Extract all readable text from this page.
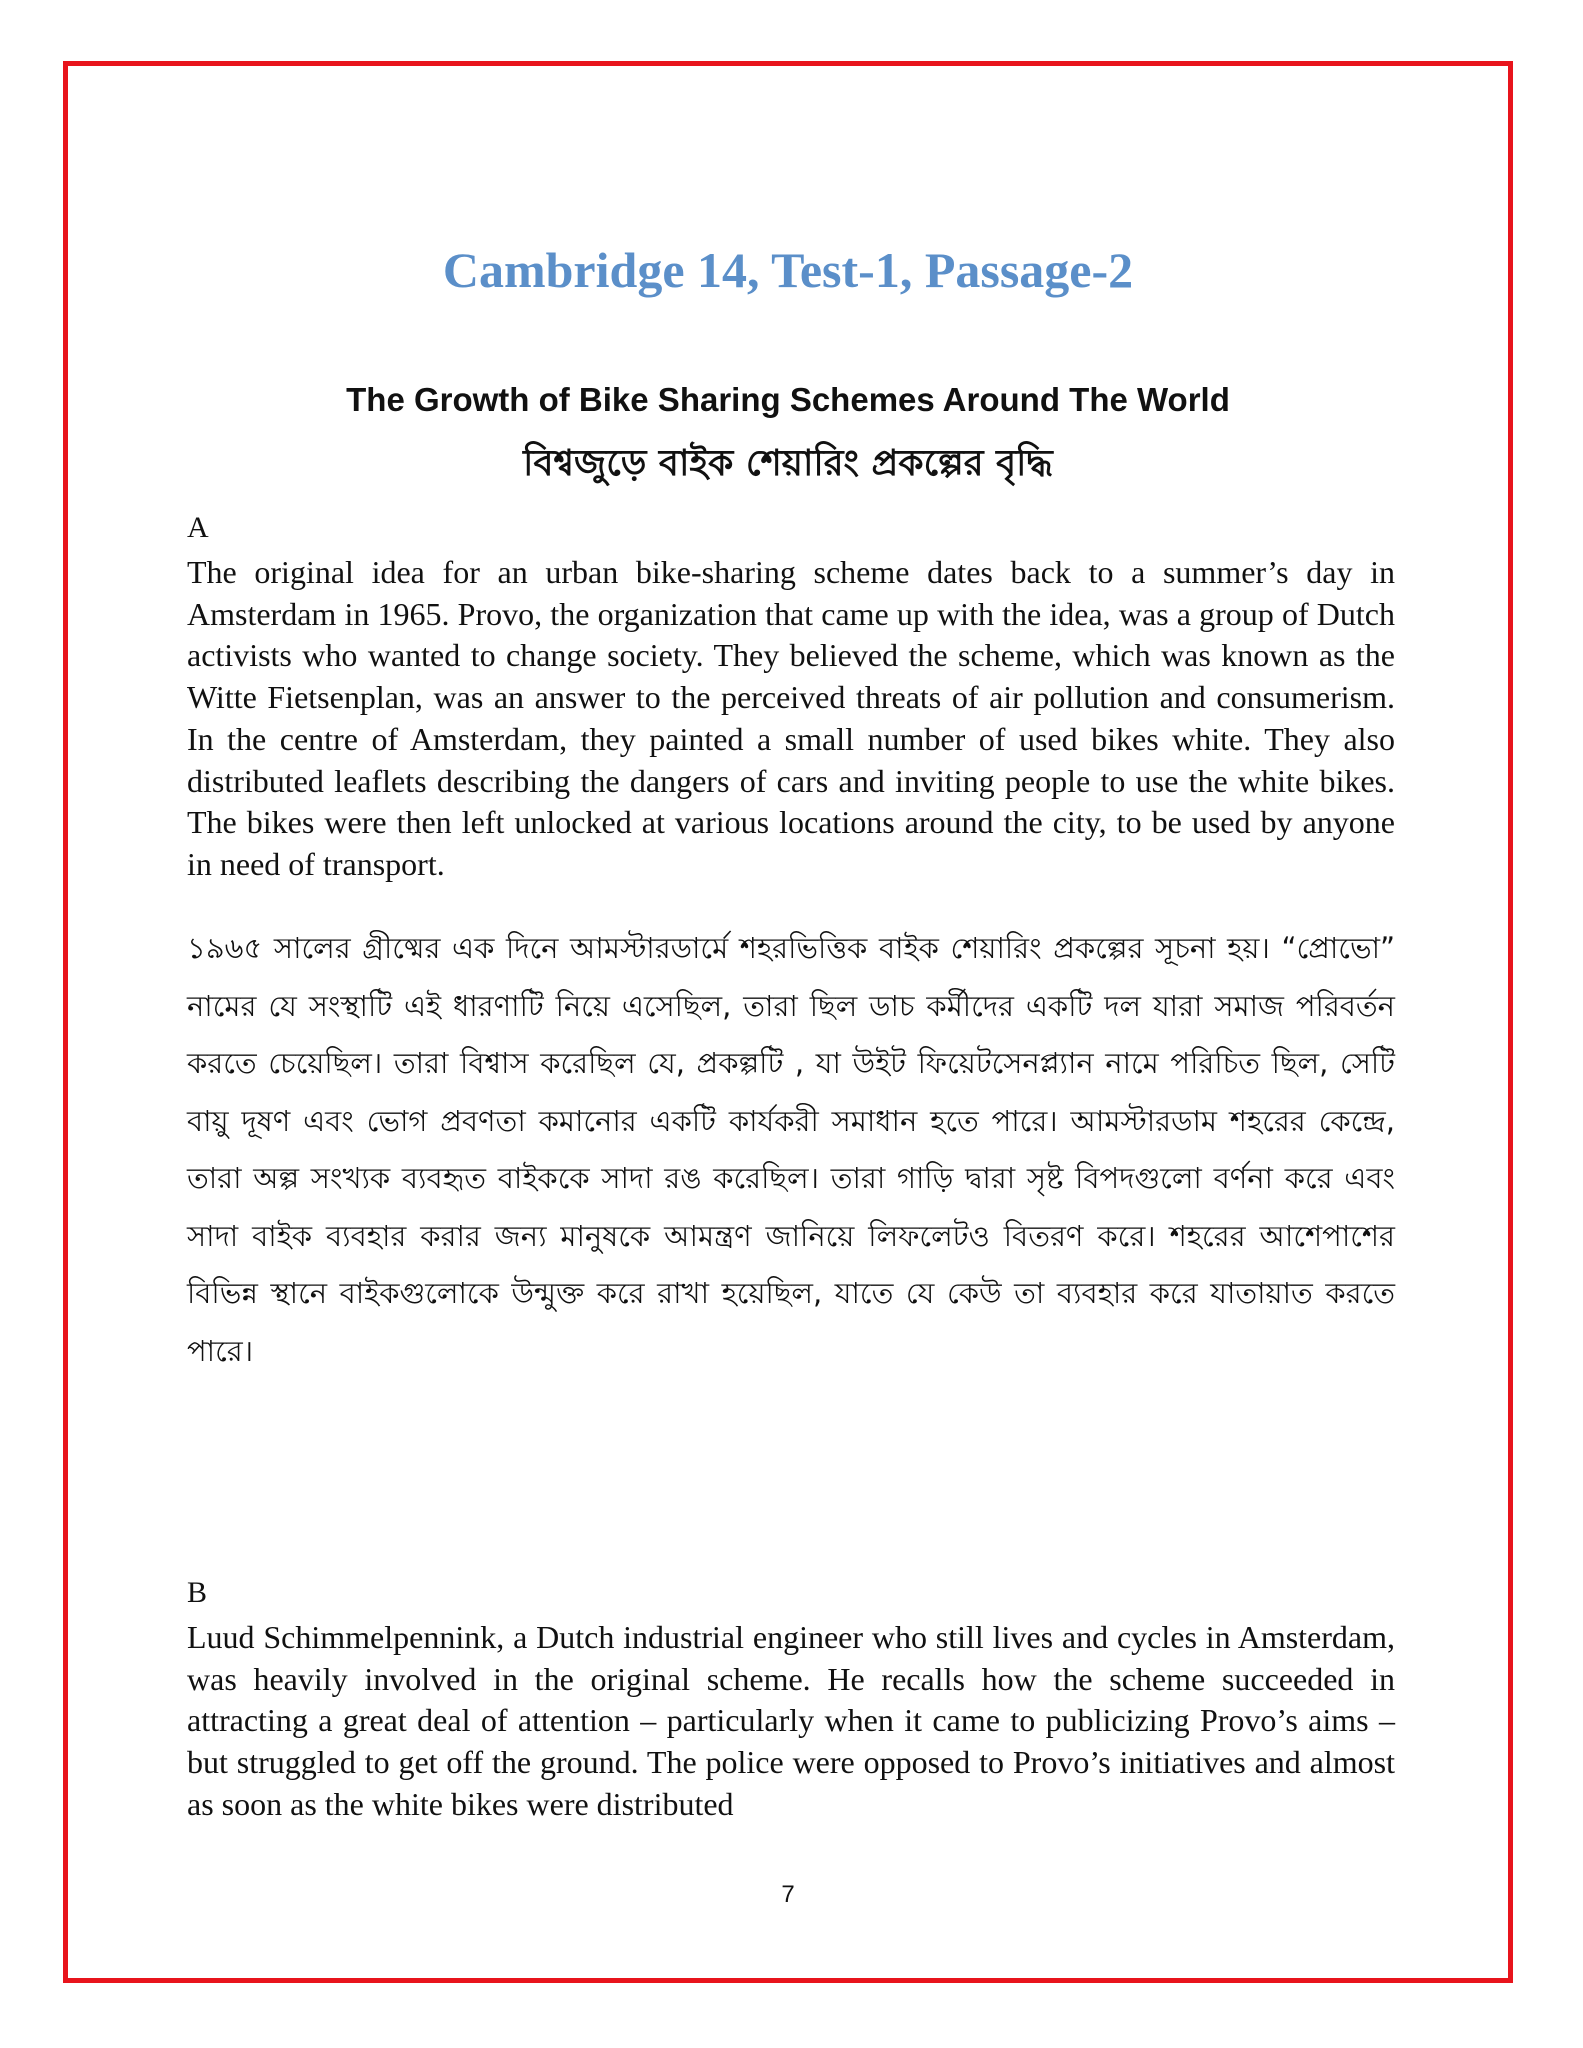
Cambridge 14, Test-1, Passage-2
The Growth of Bike Sharing Schemes Around The World
বিশ্বজুড়ে বাইক শেয়ারিং প্রকল্পের বৃদ্ধি

A

The original idea for an urban bike-sharing scheme dates back to a summer’s day in Amsterdam in 1965. Provo, the organization that came up with the idea, was a group of Dutch activists who wanted to change society. They believed the scheme, which was known as the Witte Fietsenplan, was an answer to the perceived threats of air pollution and consumerism. In the centre of Amsterdam, they painted a small number of used bikes white. They also distributed leaflets describing the dangers of cars and inviting people to use the white bikes. The bikes were then left unlocked at various locations around the city, to be used by anyone in need of transport.

১৯৬৫ সালের গ্রীষ্মের এক দিনে আমস্টারডার্মে শহরভিত্তিক বাইক শেয়ারিং প্রকল্পের সূচনা হয়। “প্রোভো” নামের যে সংস্থাটি এই ধারণাটি নিয়ে এসেছিল, তারা ছিল ডাচ কর্মীদের একটি দল যারা সমাজ পরিবর্তন করতে চেয়েছিল। তারা বিশ্বাস করেছিল যে, প্রকল্পটি , যা উইট ফিয়েটসেনপ্ল্যান নামে পরিচিত ছিল, সেটি বায়ু দূষণ এবং ভোগ প্রবণতা কমানোর একটি কার্যকরী সমাধান হতে পারে। আমস্টারডাম শহরের কেন্দ্রে, তারা অল্প সংখ্যক ব্যবহৃত বাইককে সাদা রঙ করেছিল। তারা গাড়ি দ্বারা সৃষ্ট বিপদগুলো বর্ণনা করে এবং সাদা বাইক ব্যবহার করার জন্য মানুষকে আমন্ত্রণ জানিয়ে লিফলেটও বিতরণ করে। শহরের আশেপাশের বিভিন্ন স্থানে বাইকগুলোকে উন্মুক্ত করে রাখা হয়েছিল, যাতে যে কেউ তা ব্যবহার করে যাতায়াত করতে পারে।

B

Luud Schimmelpennink, a Dutch industrial engineer who still lives and cycles in Amsterdam, was heavily involved in the original scheme. He recalls how the scheme succeeded in attracting a great deal of attention – particularly when it came to publicizing Provo’s aims – but struggled to get off the ground. The police were opposed to Provo’s initiatives and almost as soon as the white bikes were distributed

7
